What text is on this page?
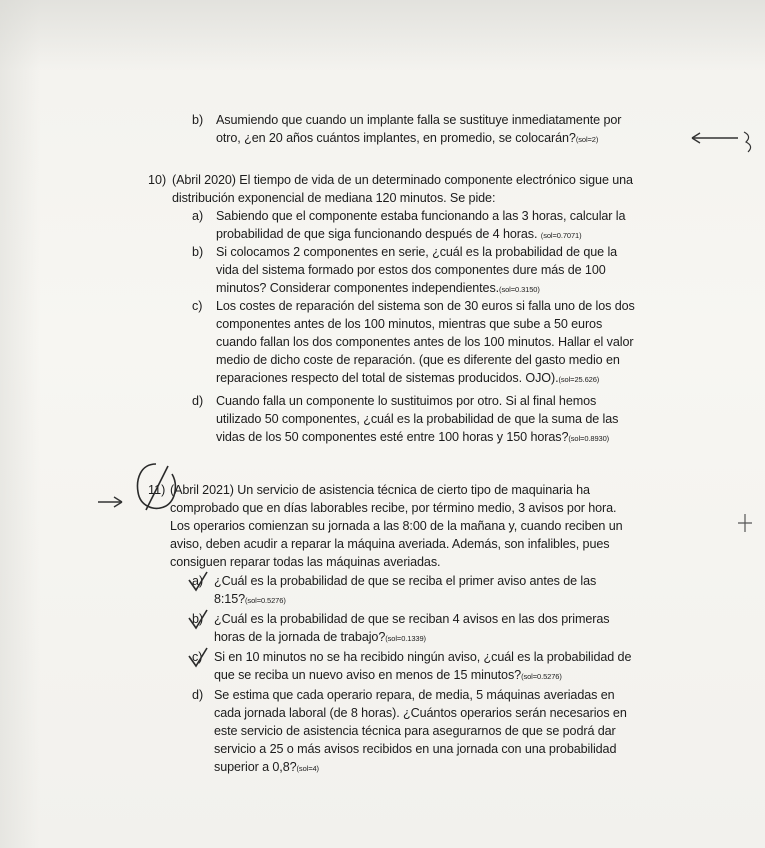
b) Asumiendo que cuando un implante falla se sustituye inmediatamente por
otro, ¿en 20 años cuántos implantes, en promedio, se colocarán?(sol=2)
10) (Abril 2020) El tiempo de vida de un determinado componente electrónico sigue una
distribución exponencial de mediana 120 minutos. Se pide:
a) Sabiendo que el componente estaba funcionando a las 3 horas, calcular la
probabilidad de que siga funcionando después de 4 horas. (sol=0.7071)
b) Si colocamos 2 componentes en serie, ¿cuál es la probabilidad de que la
vida del sistema formado por estos dos componentes dure más de 100
minutos? Considerar componentes independientes.(sol=0.3150)
c) Los costes de reparación del sistema son de 30 euros si falla uno de los dos
componentes antes de los 100 minutos, mientras que sube a 50 euros
cuando fallan los dos componentes antes de los 100 minutos. Hallar el valor
medio de dicho coste de reparación. (que es diferente del gasto medio en
reparaciones respecto del total de sistemas producidos. OJO).(sol=25.626)
d) Cuando falla un componente lo sustituimos por otro. Si al final hemos
utilizado 50 componentes, ¿cuál es la probabilidad de que la suma de las
vidas de los 50 componentes esté entre 100 horas y 150 horas?(sol=0.8930)
11) (Abril 2021) Un servicio de asistencia técnica de cierto tipo de maquinaria ha
comprobado que en días laborables recibe, por término medio, 3 avisos por hora.
Los operarios comienzan su jornada a las 8:00 de la mañana y, cuando reciben un
aviso, deben acudir a reparar la máquina averiada. Además, son infalibles, pues
consiguen reparar todas las máquinas averiadas.
a) ¿Cuál es la probabilidad de que se reciba el primer aviso antes de las
8:15?(sol=0.5276)
b) ¿Cuál es la probabilidad de que se reciban 4 avisos en las dos primeras
horas de la jornada de trabajo?(sol=0.1339)
c) Si en 10 minutos no se ha recibido ningún aviso, ¿cuál es la probabilidad de
que se reciba un nuevo aviso en menos de 15 minutos?(sol=0.5276)
d) Se estima que cada operario repara, de media, 5 máquinas averiadas en
cada jornada laboral (de 8 horas). ¿Cuántos operarios serán necesarios en
este servicio de asistencia técnica para asegurarnos de que se podrá dar
servicio a 25 o más avisos recibidos en una jornada con una probabilidad
superior a 0,8?(sol=4)
